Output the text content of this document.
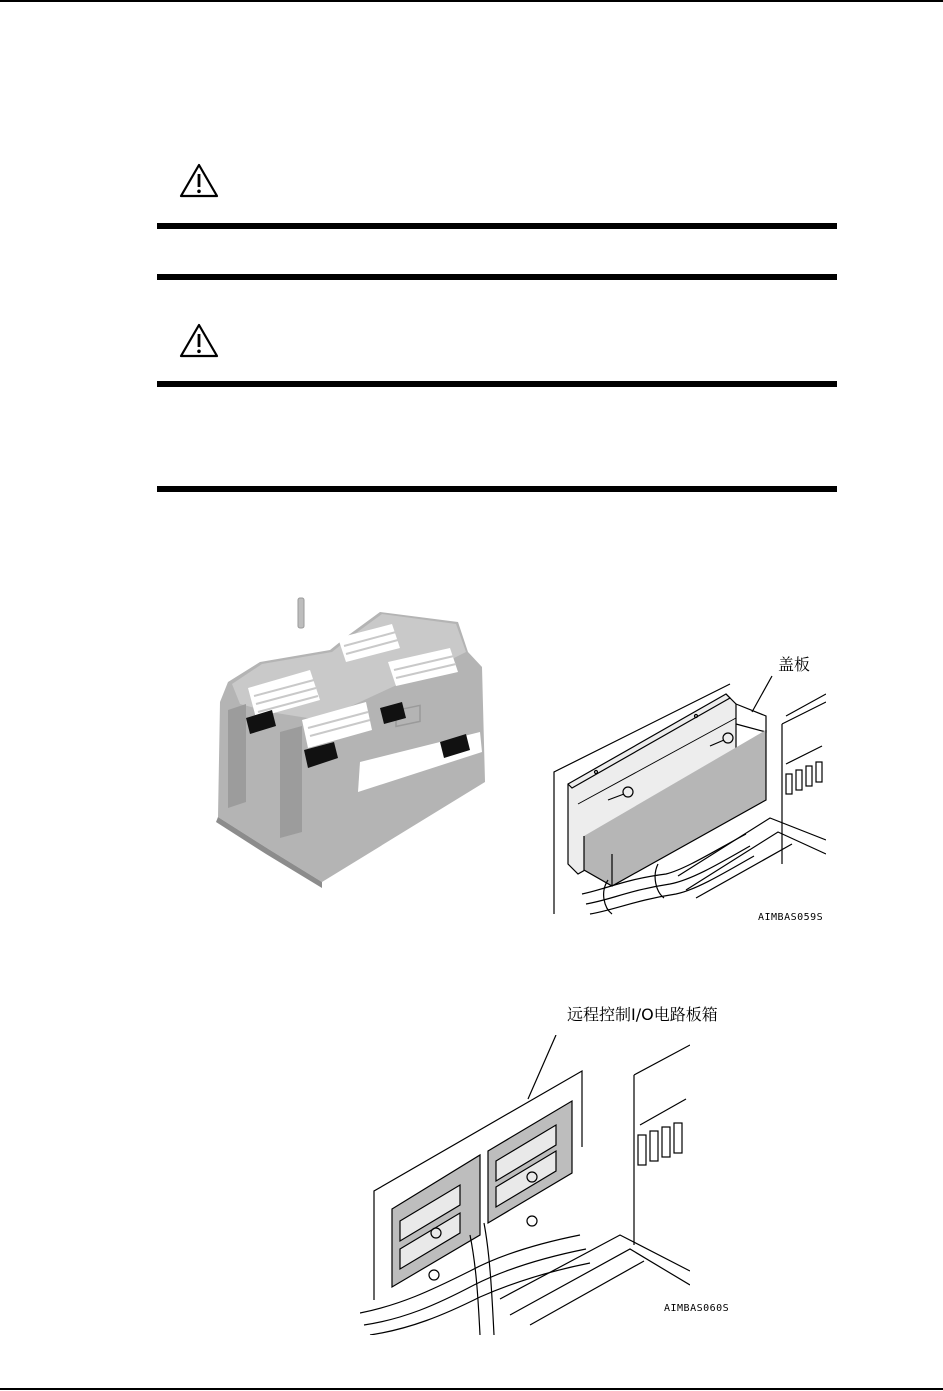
盖板
AIMBAS059S
远程控制I/O电路板箱
AIMBAS060S
